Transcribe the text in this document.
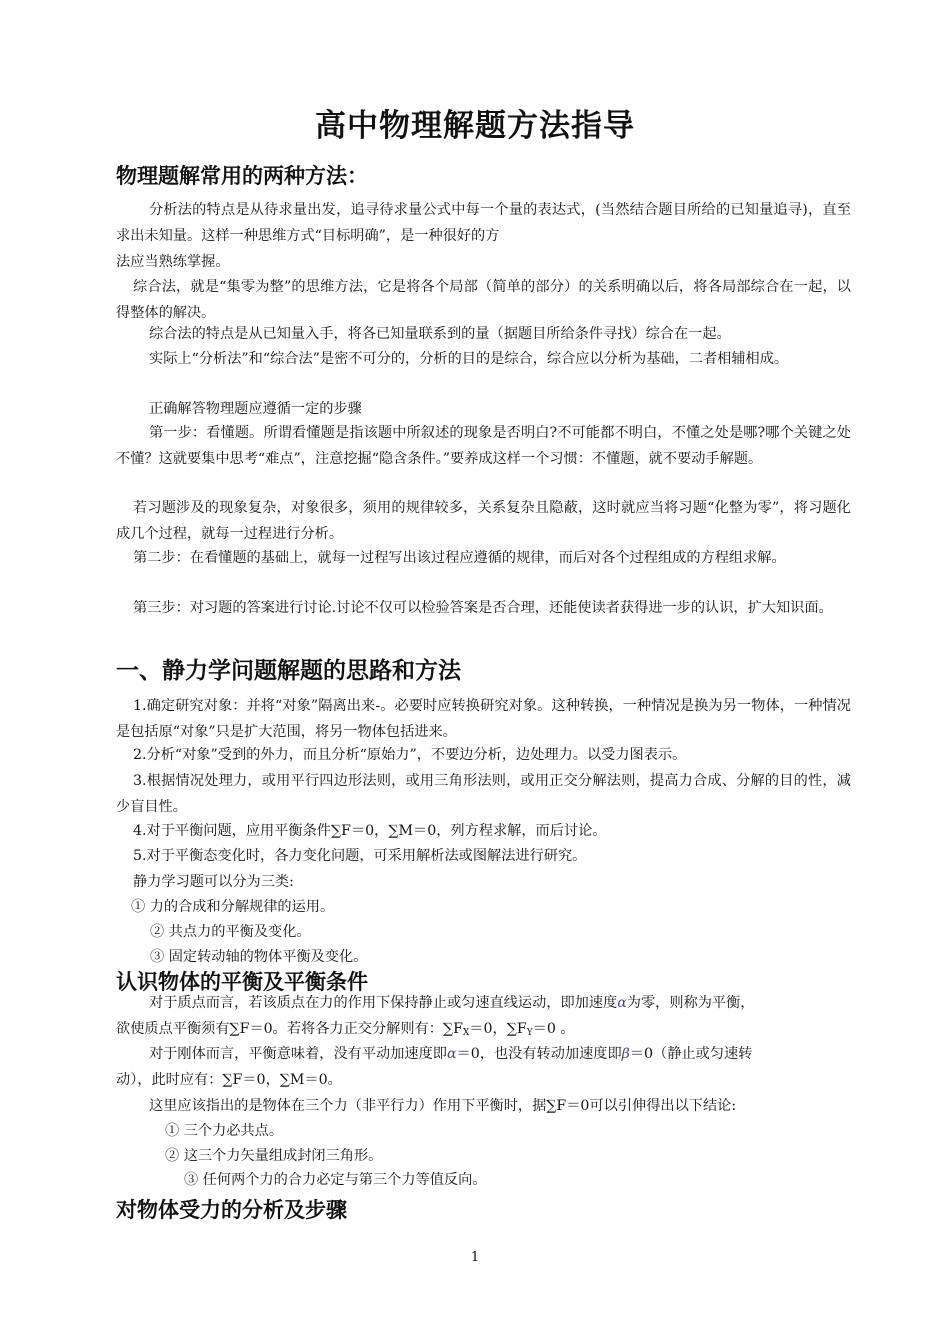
高中物理解题方法指导
物理题解常用的两种方法：
分析法的特点是从待求量出发，追寻待求量公式中每一个量的表达式，(当然结合题目所给的已知量追寻)，直至求出未知量。这样一种思维方式“目标明确”，是一种很好的方
法应当熟练掌握。
综合法，就是“集零为整”的思维方法，它是将各个局部（简单的部分）的关系明确以后，将各局部综合在一起，以得整体的解决。
综合法的特点是从已知量入手，将各已知量联系到的量（据题目所给条件寻找）综合在一起。
实际上“分析法”和“综合法”是密不可分的，分析的目的是综合，综合应以分析为基础，二者相辅相成。
正确解答物理题应遵循一定的步骤
第一步：看懂题。所谓看懂题是指该题中所叙述的现象是否明白?不可能都不明白，不懂之处是哪?哪个关键之处不懂？这就要集中思考“难点”，注意挖掘“隐含条件。”要养成这样一个习惯：不懂题，就不要动手解题。
若习题涉及的现象复杂，对象很多，须用的规律较多，关系复杂且隐蔽，这时就应当将习题“化整为零”，将习题化成几个过程，就每一过程进行分析。
第二步：在看懂题的基础上，就每一过程写出该过程应遵循的规律，而后对各个过程组成的方程组求解。
第三步：对习题的答案进行讨论.讨论不仅可以检验答案是否合理，还能使读者获得进一步的认识，扩大知识面。
一、静力学问题解题的思路和方法
1.确定研究对象：并将“对象”隔离出来-。必要时应转换研究对象。这种转换，一种情况是换为另一物体，一种情况是包括原“对象”只是扩大范围，将另一物体包括进来。
2.分析“对象”受到的外力，而且分析“原始力”，不要边分析，边处理力。以受力图表示。
3.根据情况处理力，或用平行四边形法则，或用三角形法则，或用正交分解法则，提高力合成、分解的目的性，减少盲目性。
4.对于平衡问题，应用平衡条件∑F＝0，∑M＝0，列方程求解，而后讨论。
5.对于平衡态变化时，各力变化问题，可采用解析法或图解法进行研究。
静力学习题可以分为三类:
① 力的合成和分解规律的运用。
② 共点力的平衡及变化。
③ 固定转动轴的物体平衡及变化。
认识物体的平衡及平衡条件
对于质点而言，若该质点在力的作用下保持静止或匀速直线运动，即加速度α为零，则称为平衡，
欲使质点平衡须有∑F＝0。若将各力正交分解则有：$\sum F_X=0$，$\sum F_Y=0$ 。
对于刚体而言，平衡意味着，没有平动加速度即α＝0，也没有转动加速度即β＝0（静止或匀速转
动），此时应有：∑F＝0，∑M＝0。
这里应该指出的是物体在三个力（非平行力）作用下平衡时，据∑F＝0可以引伸得出以下结论:
① 三个力必共点。
② 这三个力矢量组成封闭三角形。
③ 任何两个力的合力必定与第三个力等值反向。
对物体受力的分析及步骤
1
